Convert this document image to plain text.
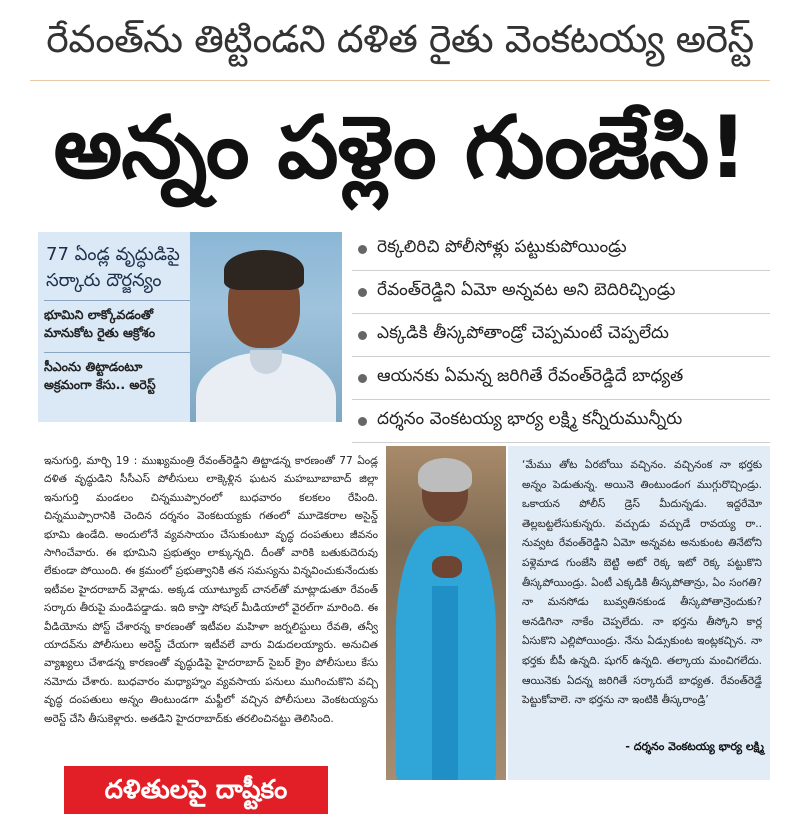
రేవంత్‌ను తిట్టిండని దళిత రైతు వెంకటయ్య అరెస్ట్
అన్నం పళ్లెం గుంజేసి!
77 ఏండ్ల వృద్ధుడిపై సర్కారు దౌర్జన్యం
భూమిని లాక్కోవడంతో మానుకోట రైతు ఆక్రోశం
సీఎంను తిట్టాడంటూ అక్రమంగా కేసు.. అరెస్ట్
రెక్కలిరిచి పోలీసోళ్లు పట్టుకుపోయిండ్రు
రేవంత్‌రెడ్డిని ఏమో అన్నవట అని బెదిరిచ్చిండ్రు
ఎక్కడికి తీస్కపోతాండ్రో చెప్పమంటే చెప్పలేదు
ఆయనకు ఏమన్న జరిగితే రేవంత్‌రెడ్డిదే బాధ్యత
దర్శనం వెంకటయ్య భార్య లక్ష్మి కన్నీరుమున్నీరు
ఇనుగుర్తి, మార్చి 19 : ముఖ్యమంత్రి రేవంత్‌రెడ్డిని తిట్టాడన్న కారణంతో 77 ఏండ్ల దళిత వృద్ధుడిని సీసీఎస్ పోలీసులు లాక్కెళ్లిన ఘటన మహబూబాబాద్ జిల్లా ఇనుగుర్తి మండలం చిన్నముప్పారంలో బుధవారం కలకలం రేపింది. చిన్నముప్పారానికి చెందిన దర్శనం వెంకటయ్యకు గతంలో మూడెకరాల అసైన్డ్ భూమి ఉండేది. అందులోనే వ్యవసాయం చేసుకుంటూ వృద్ధ దంపతులు జీవనం సాగించేవారు. ఈ భూమిని ప్రభుత్వం లాక్కున్నది. దీంతో వారికి బతుకుదెరువు లేకుండా పోయింది. ఈ క్రమంలో ప్రభుత్వానికి తన సమస్యను విన్నవించుకునేందుకు ఇటీవల హైదరాబాద్ వెళ్లాడు. అక్కడ యూట్యూబ్ చానల్‌తో మాట్లాడుతూ రేవంత్ సర్కారు తీరుపై మండిపడ్డాడు. ఇది కాస్తా సోషల్ మీడియాలో వైరల్‌గా మారింది. ఈ వీడియోను పోస్ట్ చేశారన్న కారణంతో ఇటీవల మహిళా జర్నలిస్టులు రేవతి, తన్వీ యాదవ్‌ను పోలీసులు అరెస్ట్ చేయగా ఇటీవలే వారు విడుదలయ్యారు. అనుచిత వ్యాఖ్యలు చేశాడన్న కారణంతో వృద్ధుడిపై హైదరాబాద్ సైబర్ క్రైం పోలీసులు కేసు నమోదు చేశారు. బుధవారం మధ్యాహ్నం వ్యవసాయ పనులు ముగించుకొని వచ్చి వృద్ధ దంపతులు అన్నం తింటుండగా మఫ్టీలో వచ్చిన పోలీసులు వెంకటయ్యను అరెస్ట్ చేసి తీసుకెళ్లారు. అతడిని హైదరాబాద్‌కు తరలించినట్టు తెలిసింది.
‘మేము తోట ఏరబోయి వచ్చినం. వచ్చినంక నా భర్తకు అన్నం పెడుతున్న. అయినె తింటుండంగ ముగ్గురొచ్చిండ్రు. ఒకాయన పోలీస్ డ్రెస్ మీదున్నడు. ఇద్దరేమో తెల్లబట్టలేసుకున్నరు. వచ్చుడు వచ్చుడే రావయ్య రా.. నువ్వట రేవంత్‌రెడ్డిని ఏమో అన్నవట అనుకుంట తినేటోని పళ్లెమాడ గుంజేసి బెట్టి అటో రెక్క ఇటో రెక్క పట్టుకొని తీస్కపోయిండ్రు. ఏంటీ ఎక్కడికి తీస్కపోతాన్రు, ఏం సంగతి? నా మనసోడు బువ్వతినకుండ తీస్కపోతాన్రెందుకు? అనడిగినా నాకేం చెప్పలేదు. నా భర్తను తీస్కోని కార్ల ఏసుకొని ఎల్లిపోయిండ్రు. నేను ఏడ్సుకుంట ఇంట్లకచ్చిన. నా భర్తకు బీపీ ఉన్నది. షుగర్ ఉన్నది. తల్కాయ మంచిగలేదు. ఆయినెకు ఏదన్న జరిగితే సర్కారుదే బాధ్యత. రేవంత్‌రెడ్డే పెట్టుకోవాలె. నా భర్తను నా ఇంటికి తీస్కరాండ్రి’
- దర్శనం వెంకటయ్య భార్య లక్ష్మి
దళితులపై దాష్టీకం
